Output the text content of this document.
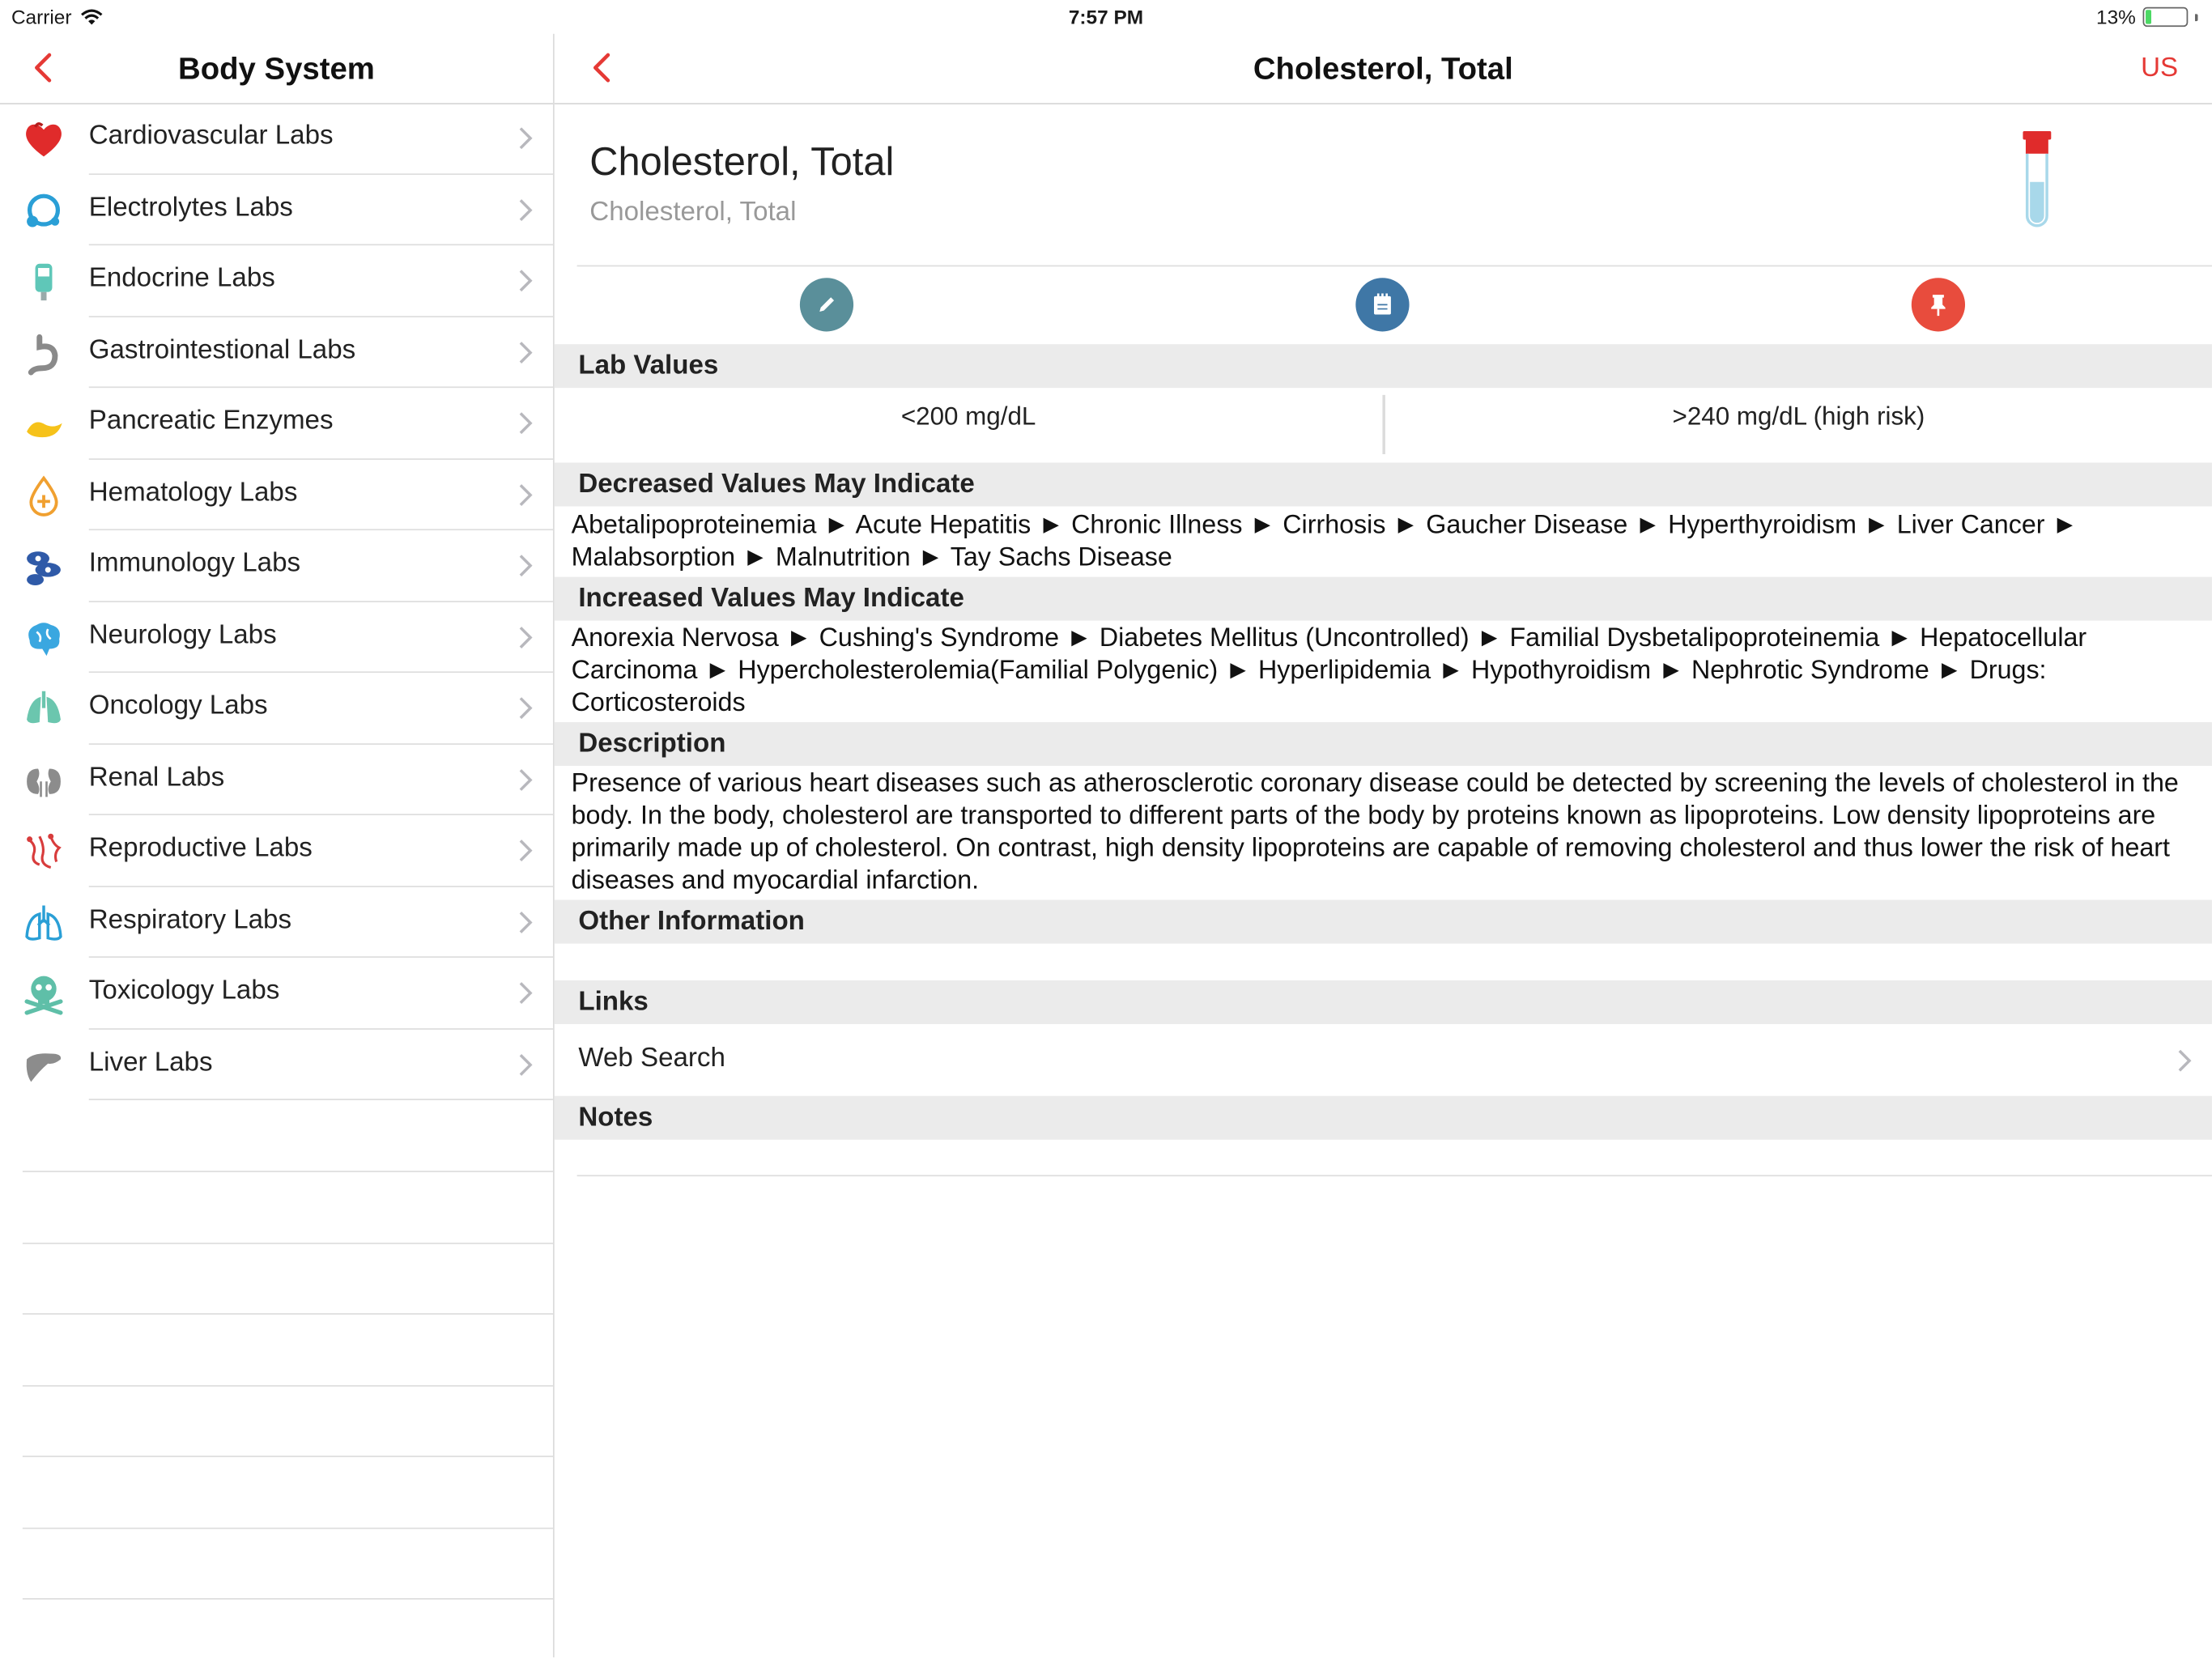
Carrier	7:57 PM	13%
Body System
Cardiovascular Labs
Electrolytes Labs
Endocrine Labs
Gastrointestional Labs
Pancreatic Enzymes
Hematology Labs
Immunology Labs
Neurology Labs
Oncology Labs
Renal Labs
Reproductive Labs
Respiratory Labs
Toxicology Labs
Liver Labs
Cholesterol, Total	US
Cholesterol, Total
Cholesterol, Total
Lab Values
<200 mg/dL	>240 mg/dL (high risk)
Decreased Values May Indicate
Abetalipoproteinemia ► Acute Hepatitis ► Chronic Illness ► Cirrhosis ► Gaucher Disease ► Hyperthyroidism ► Liver Cancer ► Malabsorption ► Malnutrition ► Tay Sachs Disease
Increased Values May Indicate
Anorexia Nervosa ► Cushing's Syndrome ► Diabetes Mellitus (Uncontrolled) ► Familial Dysbetalipoproteinemia ► Hepatocellular Carcinoma ► Hypercholesterolemia(Familial Polygenic) ► Hyperlipidemia ► Hypothyroidism ► Nephrotic Syndrome ► Drugs: Corticosteroids
Description
Presence of various heart diseases such as atherosclerotic coronary disease could be detected by screening the levels of cholesterol in the body. In the body, cholesterol are transported to different parts of the body by proteins known as lipoproteins. Low density lipoproteins are primarily made up of cholesterol. On contrast, high density lipoproteins are capable of removing cholesterol and thus lower the risk of heart diseases and myocardial infarction.
Other Information
Links
Web Search
Notes
